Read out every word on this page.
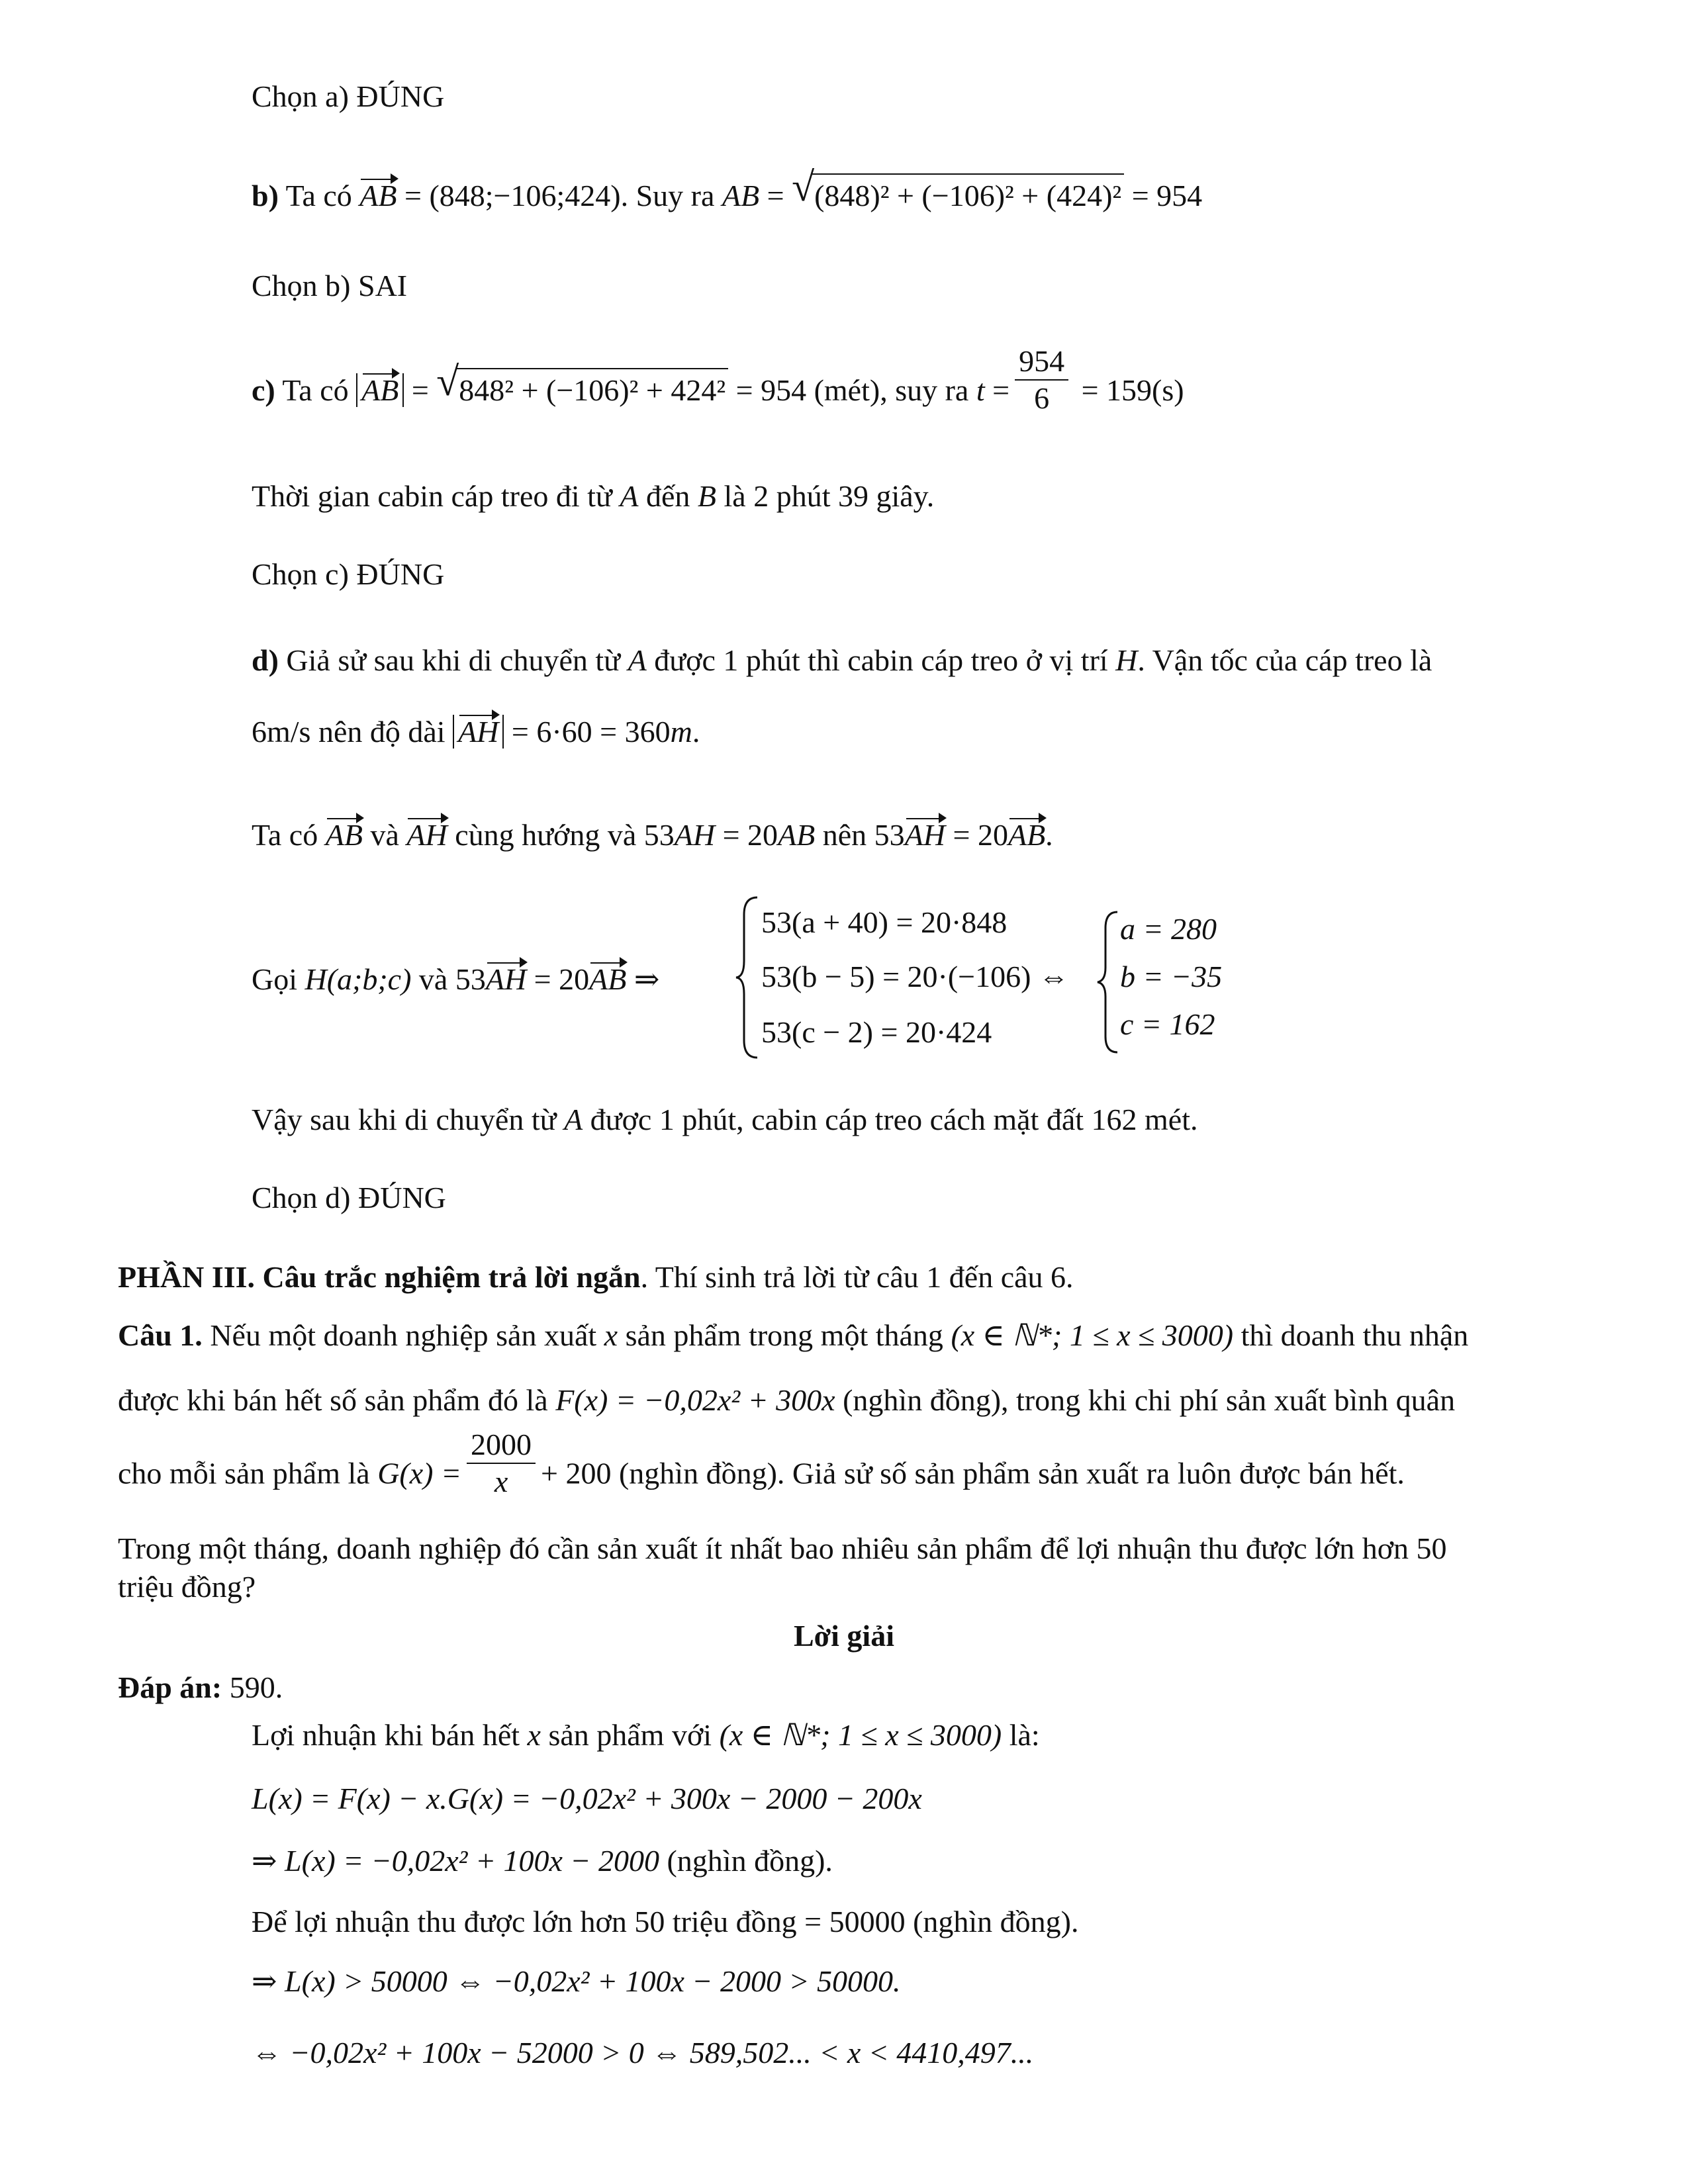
Chọn a) ĐÚNG
b) Ta có AB = (848;−106;424). Suy ra AB = √ (848)² + (−106)² + (424)² = 954
Chọn b) SAI
c) Ta có AB = √ 848² + (−106)² + 424² = 954 (mét), suy ra $t = \frac{954}{6} = 159(s)$
Thời gian cabin cáp treo đi từ A đến B là 2 phút 39 giây.
Chọn c) ĐÚNG
d) Giả sử sau khi di chuyển từ A được 1 phút thì cabin cáp treo ở vị trí H. Vận tốc của cáp treo là
6m/s nên độ dài AH = 6·60 = 360m.
Ta có AB và AH cùng hướng và 53AH = 20AB nên 53AH = 20AB.
Gọi H(a;b;c) và 53AH = 20AB ⇒
53(a + 40) = 20·848
53(b − 5) = 20·(−106) ⇔
53(c − 2) = 20·424
a = 280
b = −35
c = 162
Vậy sau khi di chuyển từ A được 1 phút, cabin cáp treo cách mặt đất 162 mét.
Chọn d) ĐÚNG
PHẦN III. Câu trắc nghiệm trả lời ngắn. Thí sinh trả lời từ câu 1 đến câu 6.
Câu 1. Nếu một doanh nghiệp sản xuất x sản phẩm trong một tháng (x ∈ ℕ*; 1 ≤ x ≤ 3000) thì doanh thu nhận
được khi bán hết số sản phẩm đó là F(x) = −0,02x² + 300x (nghìn đồng), trong khi chi phí sản xuất bình quân
cho mỗi sản phẩm là $G(x) = \frac{2000}{x} + 200$ (nghìn đồng). Giả sử số sản phẩm sản xuất ra luôn được bán hết.
Trong một tháng, doanh nghiệp đó cần sản xuất ít nhất bao nhiêu sản phẩm để lợi nhuận thu được lớn hơn 50
triệu đồng?
Lời giải
Đáp án: 590.
Lợi nhuận khi bán hết x sản phẩm với (x ∈ ℕ*; 1 ≤ x ≤ 3000) là:
L(x) = F(x) − x.G(x) = −0,02x² + 300x − 2000 − 200x
⇒ L(x) = −0,02x² + 100x − 2000 (nghìn đồng).
Để lợi nhuận thu được lớn hơn 50 triệu đồng = 50000 (nghìn đồng).
⇒ L(x) > 50000 ⇔ −0,02x² + 100x − 2000 > 50000.
⇔ −0,02x² + 100x − 52000 > 0 ⇔ 589,502... < x < 4410,497...
